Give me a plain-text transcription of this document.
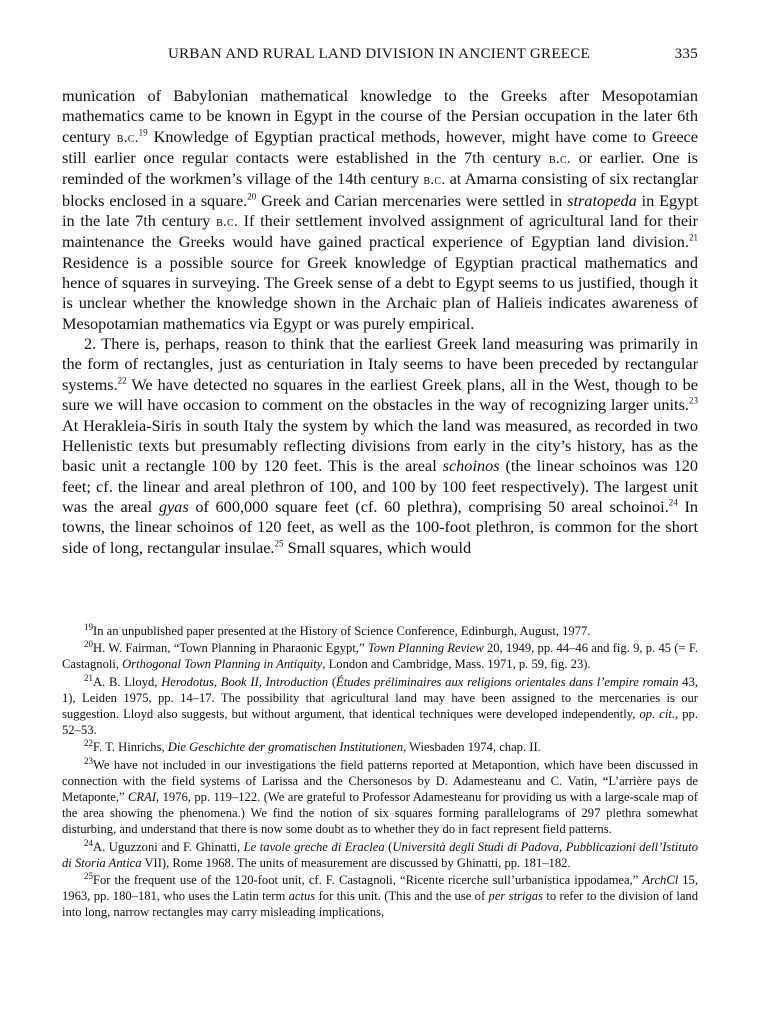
URBAN AND RURAL LAND DIVISION IN ANCIENT GREECE	335

munication of Babylonian mathematical knowledge to the Greeks after Mesopotamian mathematics came to be known in Egypt in the course of the Persian occupation in the later 6th century b.c.$^{19}$ Knowledge of Egyptian practical methods, however, might have come to Greece still earlier once regular contacts were established in the 7th century b.c. or earlier. One is reminded of the workmen’s village of the 14th century b.c. at Amarna consisting of six rectanglar blocks enclosed in a square.$^{20}$ Greek and Carian mercenaries were settled in stratopeda in Egypt in the late 7th century b.c. If their settlement involved assignment of agricultural land for their maintenance the Greeks would have gained practical experience of Egyptian land division.$^{21}$ Residence is a possible source for Greek knowledge of Egyptian practical mathematics and hence of squares in surveying. The Greek sense of a debt to Egypt seems to us justified, though it is unclear whether the knowledge shown in the Archaic plan of Halieis indicates awareness of Mesopotamian mathematics via Egypt or was purely empirical.

2. There is, perhaps, reason to think that the earliest Greek land measuring was primarily in the form of rectangles, just as centuriation in Italy seems to have been preceded by rectangular systems.$^{22}$ We have detected no squares in the earliest Greek plans, all in the West, though to be sure we will have occasion to comment on the obstacles in the way of recognizing larger units.$^{23}$ At Herakleia-Siris in south Italy the system by which the land was measured, as recorded in two Hellenistic texts but presumably reflecting divisions from early in the city’s history, has as the basic unit a rectangle 100 by 120 feet. This is the areal schoinos (the linear schoinos was 120 feet; cf. the linear and areal plethron of 100, and 100 by 100 feet respectively). The largest unit was the areal gyas of 600,000 square feet (cf. 60 plethra), comprising 50 areal schoinoi.$^{24}$ In towns, the linear schoinos of 120 feet, as well as the 100-foot plethron, is common for the short side of long, rectangular insulae.$^{25}$ Small squares, which would

$^{19}$In an unpublished paper presented at the History of Science Conference, Edinburgh, August, 1977.

$^{20}$H. W. Fairman, “Town Planning in Pharaonic Egypt,” Town Planning Review 20, 1949, pp. 44–46 and fig. 9, p. 45 (= F. Castagnoli, Orthogonal Town Planning in Antiquity, London and Cambridge, Mass. 1971, p. 59, fig. 23).

$^{21}$A. B. Lloyd, Herodotus, Book II, Introduction (Études préliminaires aux religions orientales dans l’empire romain 43, 1), Leiden 1975, pp. 14–17. The possibility that agricultural land may have been assigned to the mercenaries is our suggestion. Lloyd also suggests, but without argument, that identical techniques were developed independently, op. cit., pp. 52–53.

$^{22}$F. T. Hinrichs, Die Geschichte der gromatischen Institutionen, Wiesbaden 1974, chap. II.

$^{23}$We have not included in our investigations the field patterns reported at Metapontion, which have been discussed in connection with the field systems of Larissa and the Chersonesos by D. Adamesteanu and C. Vatin, “L’arrière pays de Metaponte,” CRAI, 1976, pp. 119–122. (We are grateful to Professor Adamesteanu for providing us with a large-scale map of the area showing the phenomena.) We find the notion of six squares forming parallelograms of 297 plethra somewhat disturbing, and understand that there is now some doubt as to whether they do in fact represent field patterns.

$^{24}$A. Uguzzoni and F. Ghinatti, Le tavole greche di Eraclea (Università degli Studi di Padova, Pubblicazioni dell’Istituto di Storia Antica VII), Rome 1968. The units of measurement are discussed by Ghinatti, pp. 181–182.

$^{25}$For the frequent use of the 120-foot unit, cf. F. Castagnoli, “Ricente ricerche sull’urbanistica ippodamea,” ArchCl 15, 1963, pp. 180–181, who uses the Latin term actus for this unit. (This and the use of per strigas to refer to the division of land into long, narrow rectangles may carry misleading implications,
